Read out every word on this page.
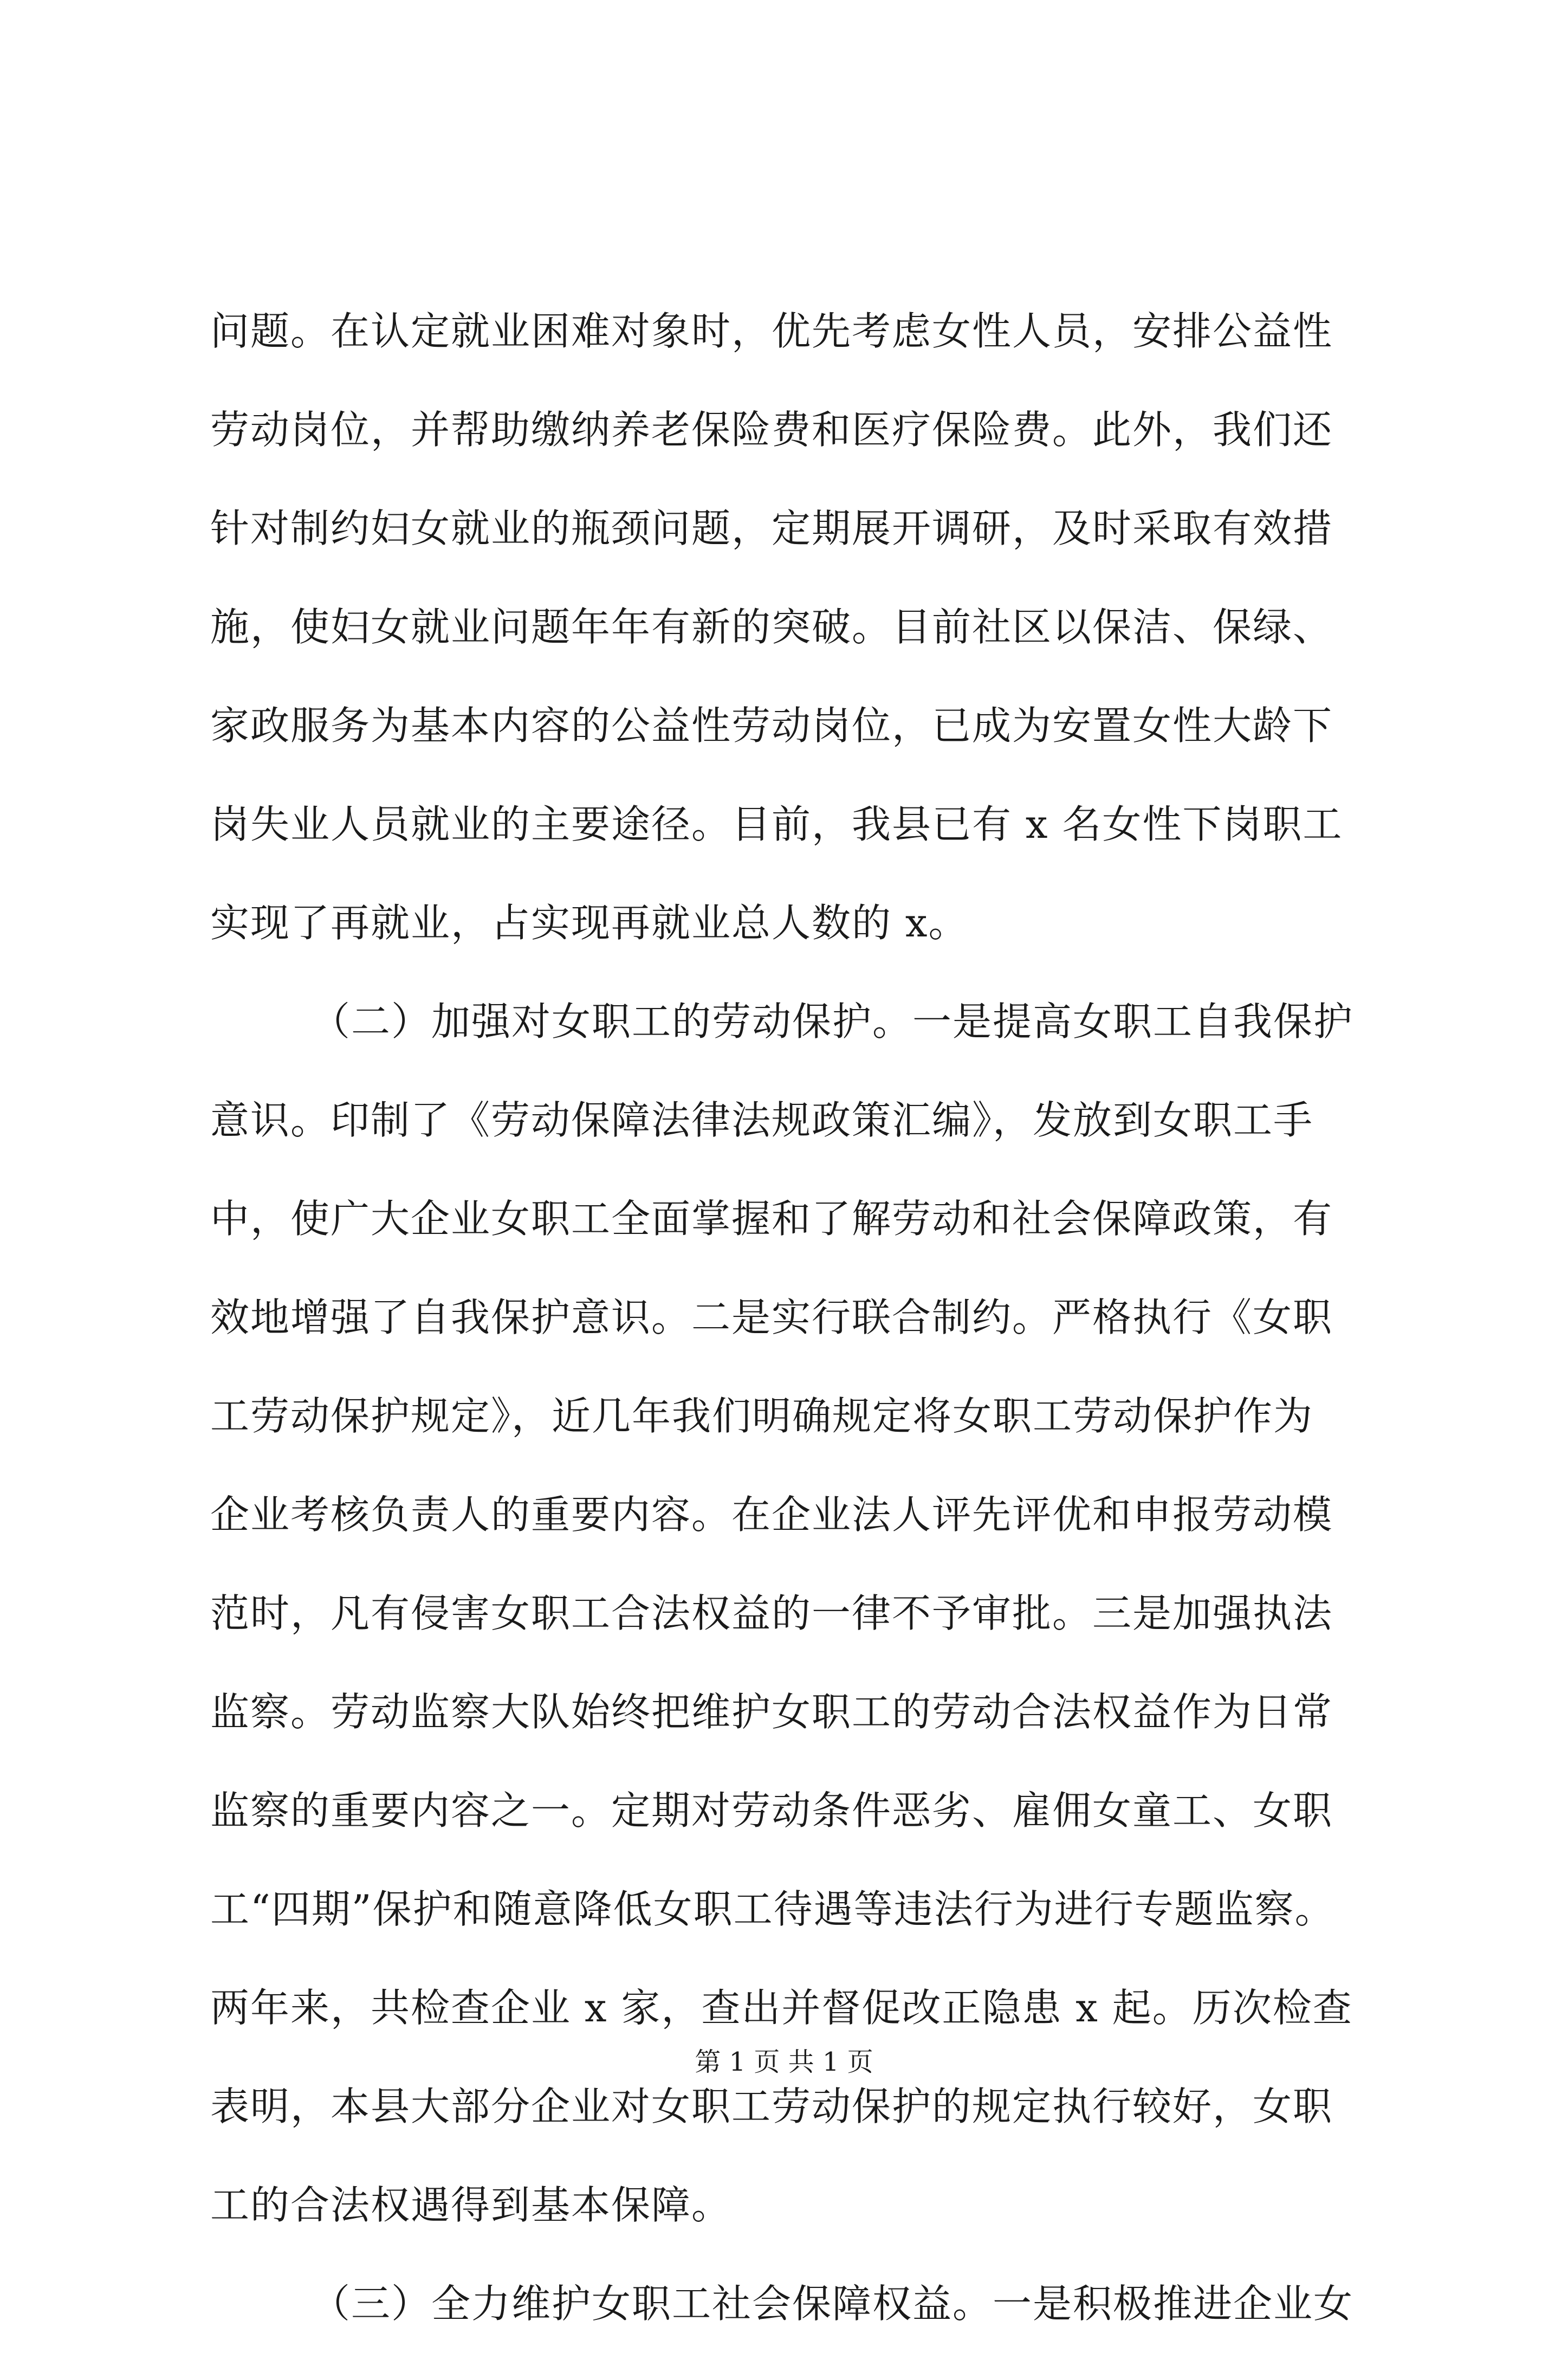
问题。在认定就业困难对象时，优先考虑女性人员，安排公益性
劳动岗位，并帮助缴纳养老保险费和医疗保险费。此外，我们还
针对制约妇女就业的瓶颈问题，定期展开调研，及时采取有效措
施，使妇女就业问题年年有新的突破。目前社区以保洁、保绿、
家政服务为基本内容的公益性劳动岗位，已成为安置女性大龄下
岗失业人员就业的主要途径。目前，我县已有 x 名女性下岗职工
实现了再就业，占实现再就业总人数的 x。
（二）加强对女职工的劳动保护。一是提高女职工自我保护
意识。印制了《劳动保障法律法规政策汇编》，发放到女职工手
中，使广大企业女职工全面掌握和了解劳动和社会保障政策，有
效地增强了自我保护意识。二是实行联合制约。严格执行《女职
工劳动保护规定》，近几年我们明确规定将女职工劳动保护作为
企业考核负责人的重要内容。在企业法人评先评优和申报劳动模
范时，凡有侵害女职工合法权益的一律不予审批。三是加强执法
监察。劳动监察大队始终把维护女职工的劳动合法权益作为日常
监察的重要内容之一。定期对劳动条件恶劣、雇佣女童工、女职
工“四期”保护和随意降低女职工待遇等违法行为进行专题监察。
两年来，共检查企业 x 家，查出并督促改正隐患 x 起。历次检查
表明，本县大部分企业对女职工劳动保护的规定执行较好，女职
工的合法权遇得到基本保障。
（三）全力维护女职工社会保障权益。一是积极推进企业女
第 1 页 共 1 页
